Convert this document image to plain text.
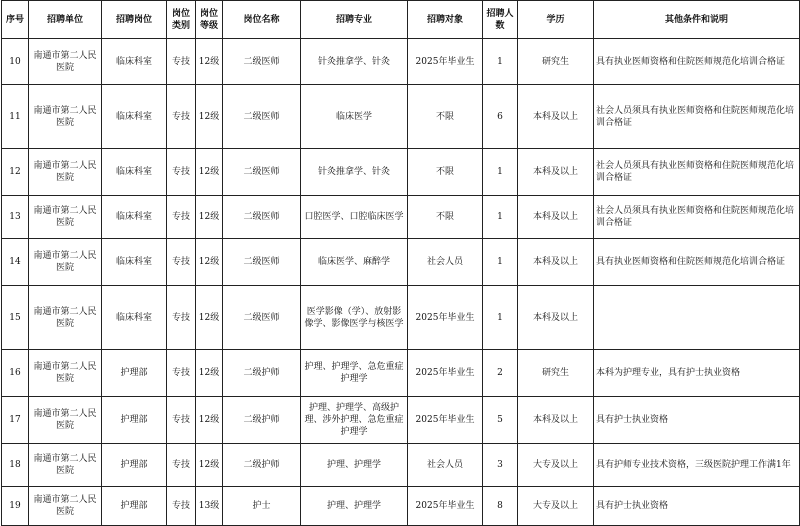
序号	招聘单位	招聘岗位	岗位类别	岗位等级	岗位名称	招聘专业	招聘对象	招聘人数	学历	其他条件和说明
10	南通市第二人民医院	临床科室	专技	12级	二级医师	针灸推拿学、针灸	2025年毕业生	1	研究生	具有执业医师资格和住院医师规范化培训合格证
11	南通市第二人民医院	临床科室	专技	12级	二级医师	临床医学	不限	6	本科及以上	社会人员须具有执业医师资格和住院医师规范化培训合格证
12	南通市第二人民医院	临床科室	专技	12级	二级医师	针灸推拿学、针灸	不限	1	本科及以上	社会人员须具有执业医师资格和住院医师规范化培训合格证
13	南通市第二人民医院	临床科室	专技	12级	二级医师	口腔医学、口腔临床医学	不限	1	本科及以上	社会人员须具有执业医师资格和住院医师规范化培训合格证
14	南通市第二人民医院	临床科室	专技	12级	二级医师	临床医学、麻醉学	社会人员	1	本科及以上	具有执业医师资格和住院医师规范化培训合格证
15	南通市第二人民医院	临床科室	专技	12级	二级医师	医学影像（学）、放射影像学、影像医学与核医学	2025年毕业生	1	本科及以上	
16	南通市第二人民医院	护理部	专技	12级	二级护师	护理、护理学、急危重症护理学	2025年毕业生	2	研究生	本科为护理专业，具有护士执业资格
17	南通市第二人民医院	护理部	专技	12级	二级护师	护理、护理学、高级护理、涉外护理、急危重症护理学	2025年毕业生	5	本科及以上	具有护士执业资格
18	南通市第二人民医院	护理部	专技	12级	二级护师	护理、护理学	社会人员	3	大专及以上	具有护师专业技术资格，三级医院护理工作满1年
19	南通市第二人民医院	护理部	专技	13级	护士	护理、护理学	2025年毕业生	8	大专及以上	具有护士执业资格
